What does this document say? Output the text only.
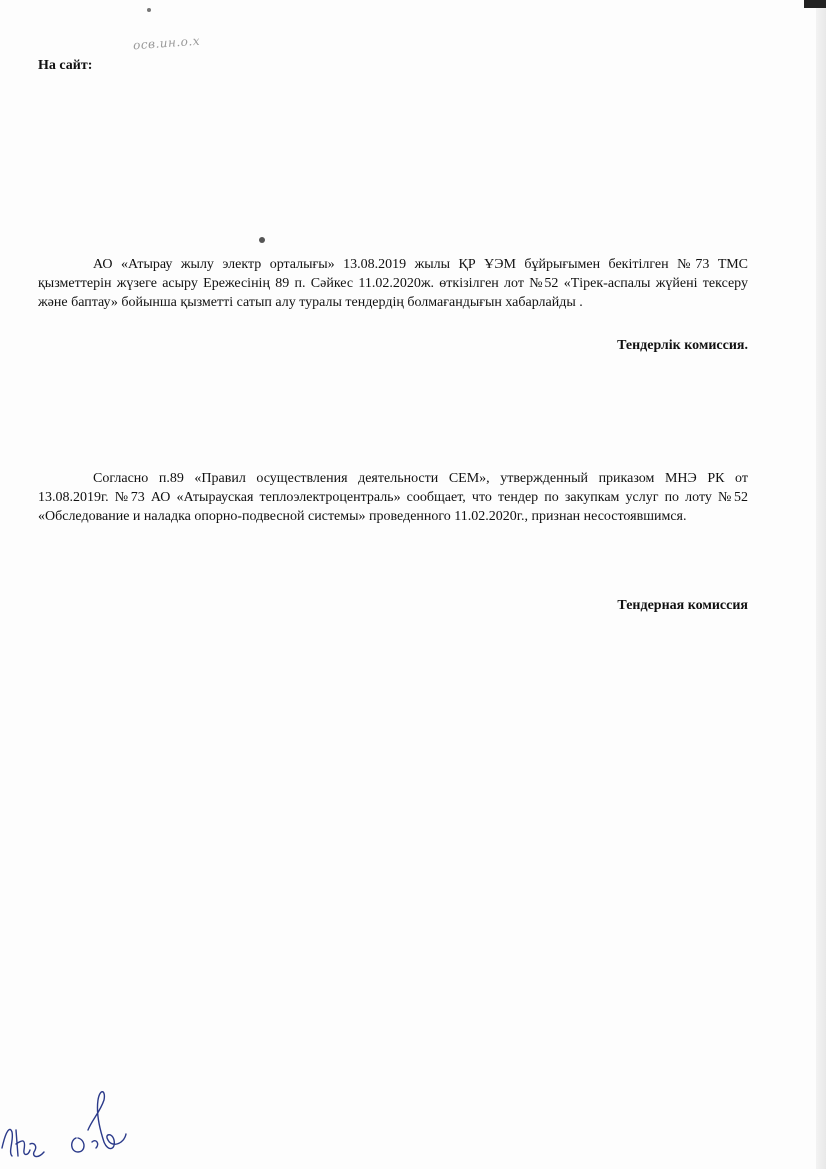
осв.ин.о.х
На сайт:

АО «Атырау жылу электр орталығы» 13.08.2019 жылы ҚР ҰЭМ бұйрығымен бекітілген №73 ТМС қызметтерін жүзеге асыру Ережесінің 89 п. Сәйкес 11.02.2020ж. өткізілген лот №52 «Тірек-аспалы жүйені тексеру және баптау» бойынша қызметті сатып алу туралы тендердің болмағандығын хабарлайды .

Тендерлік комиссия.

Согласно п.89 «Правил осуществления деятельности СЕМ», утвержденный приказом МНЭ РК от 13.08.2019г. №73 АО «Атырауская теплоэлектроцентраль» сообщает, что тендер по закупкам услуг по лоту №52 «Обследование и наладка опорно-подвесной системы» проведенного 11.02.2020г., признан несостоявшимся.

Тендерная комиссия
